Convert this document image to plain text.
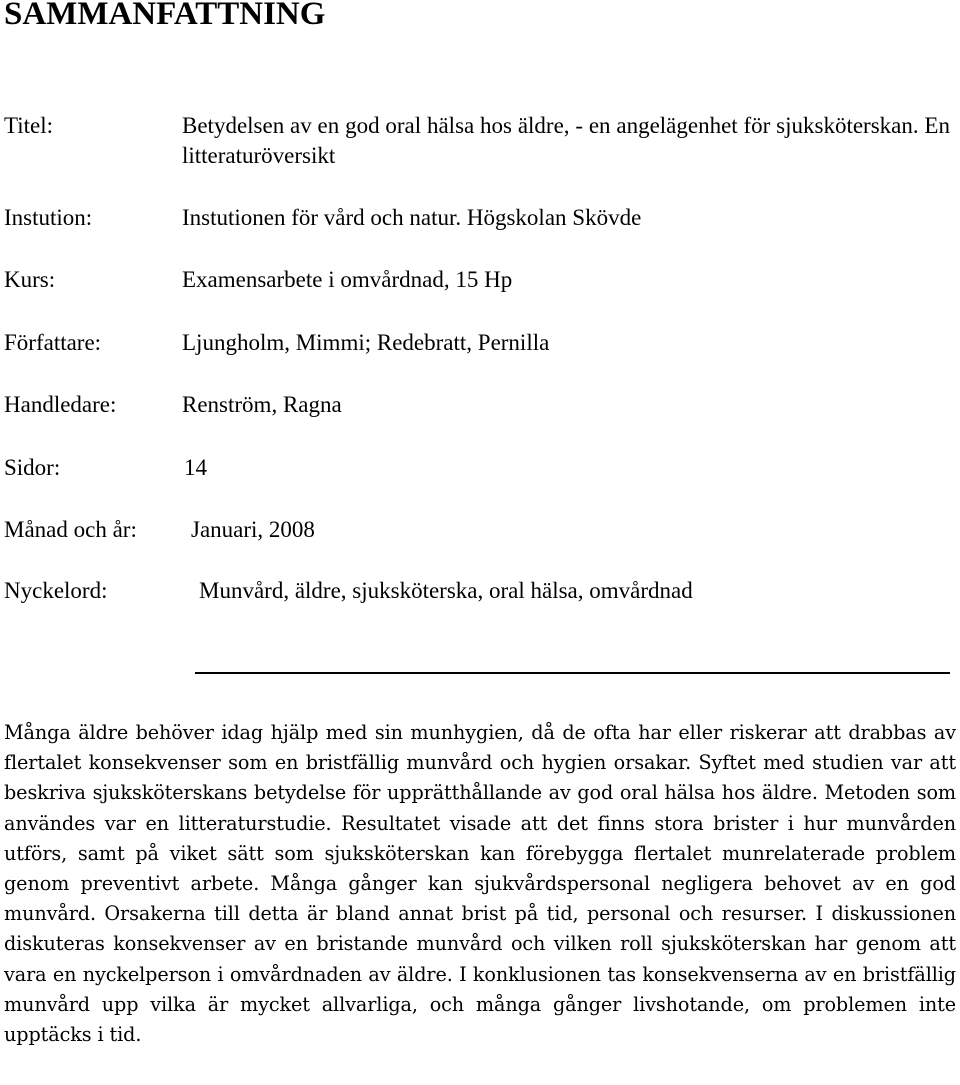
SAMMANFATTNING
Titel:	Betydelsen av en god oral hälsa hos äldre, - en angelägenhet för sjuksköterskan. En litteraturöversikt
Instution:	Instutionen för vård och natur. Högskolan Skövde
Kurs:	Examensarbete i omvårdnad, 15 Hp
Författare:	Ljungholm, Mimmi; Redebratt, Pernilla
Handledare:	Renström, Ragna
Sidor:	14
Månad och år: Januari, 2008
Nyckelord:	Munvård, äldre, sjuksköterska, oral hälsa, omvårdnad

Många äldre behöver idag hjälp med sin munhygien, då de ofta har eller riskerar att drabbas av flertalet konsekvenser som en bristfällig munvård och hygien orsakar. Syftet med studien var att beskriva sjuksköterskans betydelse för upprätthållande av god oral hälsa hos äldre. Metoden som användes var en litteraturstudie. Resultatet visade att det finns stora brister i hur munvården utförs, samt på viket sätt som sjuksköterskan kan förebygga flertalet munrelaterade problem genom preventivt arbete. Många gånger kan sjukvårdspersonal negligera behovet av en god munvård. Orsakerna till detta är bland annat brist på tid, personal och resurser. I diskussionen diskuteras konsekvenser av en bristande munvård och vilken roll sjuksköterskan har genom att vara en nyckelperson i omvårdnaden av äldre. I konklusionen tas konsekvenserna av en bristfällig munvård upp vilka är mycket allvarliga, och många gånger livshotande, om problemen inte upptäcks i tid.
